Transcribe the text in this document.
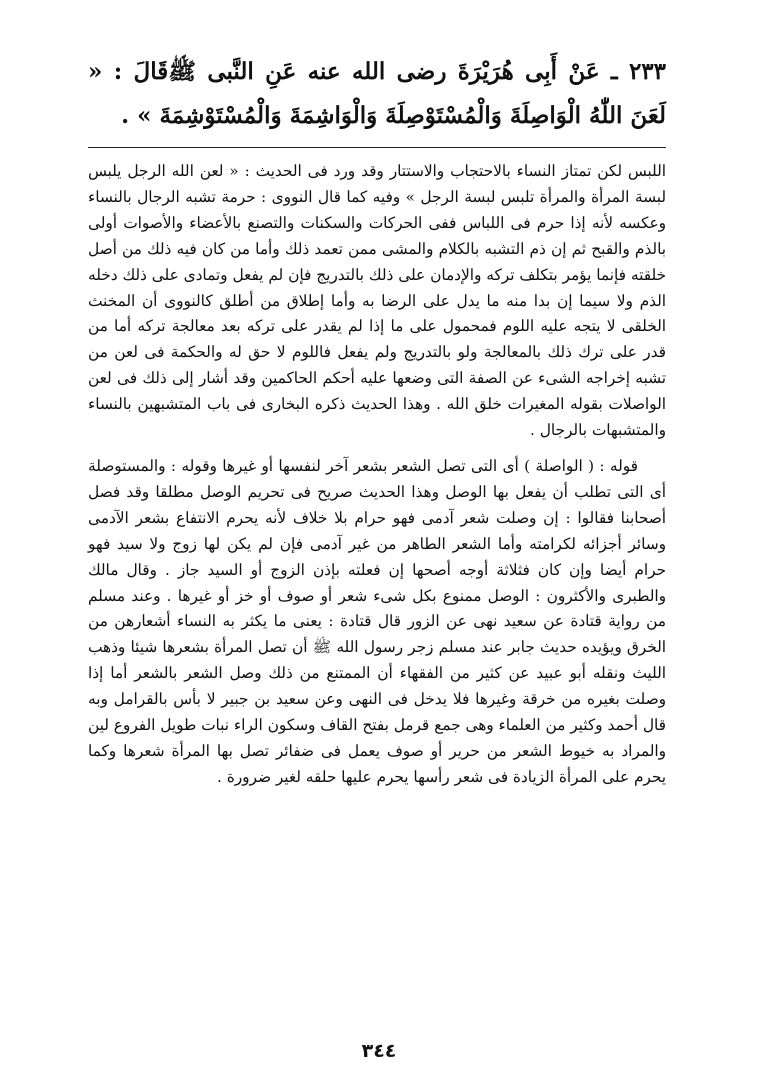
٢٣٣ ـ عَنْ أَبِى هُرَيْرَةَ رضى الله عنه عَنِ النَّبى ﷺقَالَ : « لَعَنَ اللّٰهُ الْوَاصِلَةَ وَالْمُسْتَوْصِلَةَ وَالْوَاشِمَةَ وَالْمُسْتَوْشِمَةَ » .

اللبس لكن تمتاز النساء بالاحتجاب والاستتار وقد ورد فى الحديث : « لعن الله الرجل يلبس لبسة المرأة والمرأة تلبس لبسة الرجل » وفيه كما قال النووى : حرمة تشبه الرجال بالنساء وعكسه لأنه إذا حرم فى اللباس ففى الحركات والسكنات والتصنع بالأعضاء والأصوات أولى بالذم والقبح ثم إن ذم التشبه بالكلام والمشى ممن تعمد ذلك وأما من كان فيه ذلك من أصل خلقته فإنما يؤمر بتكلف تركه والإدمان على ذلك بالتدريج فإن لم يفعل وتمادى على ذلك دخله الذم ولا سيما إن بدا منه ما يدل على الرضا به وأما إطلاق من أطلق كالنووى أن المخنث الخلقى لا يتجه عليه اللوم فمحمول على ما إذا لم يقدر على تركه بعد معالجة تركه أما من قدر على ترك ذلك بالمعالجة ولو بالتدريج ولم يفعل فاللوم لا حق له والحكمة فى لعن من تشبه إخراجه الشىء عن الصفة التى وضعها عليه أحكم الحاكمين وقد أشار إلى ذلك فى لعن الواصلات بقوله المغيرات خلق الله . وهذا الحديث ذكره البخارى فى باب المتشبهين بالنساء والمتشبهات بالرجال .

قوله : ( الواصلة ) أى التى تصل الشعر بشعر آخر لنفسها أو غيرها وقوله : والمستوصلة أى التى تطلب أن يفعل بها الوصل وهذا الحديث صريح فى تحريم الوصل مطلقا وقد فصل أصحابنا فقالوا : إن وصلت شعر آدمى فهو حرام بلا خلاف لأنه يحرم الانتفاع بشعر الآدمى وسائر أجزائه لكرامته وأما الشعر الطاهر من غير آدمى فإن لم يكن لها زوج ولا سيد فهو حرام أيضا وإن كان فثلاثة أوجه أصحها إن فعلته بإذن الزوج أو السيد جاز . وقال مالك والطبرى والأكثرون : الوصل ممنوع بكل شىء شعر أو صوف أو خز أو غيرها . وعند مسلم من رواية قتادة عن سعيد نهى عن الزور قال قتادة : يعنى ما يكثر به النساء أشعارهن من الخرق ويؤيده حديث جابر عند مسلم زجر رسول الله ﷺ أن تصل المرأة بشعرها شيئا وذهب الليث ونقله أبو عبيد عن كثير من الفقهاء أن الممتنع من ذلك وصل الشعر بالشعر أما إذا وصلت بغيره من خرقة وغيرها فلا يدخل فى النهى وعن سعيد بن جبير لا بأس بالقرامل وبه قال أحمد وكثير من العلماء وهى جمع قرمل بفتح القاف وسكون الراء نبات طويل الفروع لين والمراد به خيوط الشعر من حرير أو صوف يعمل فى ضفائر تصل بها المرأة شعرها وكما يحرم على المرأة الزيادة فى شعر رأسها يحرم عليها حلقه لغير ضرورة .

٣٤٤
